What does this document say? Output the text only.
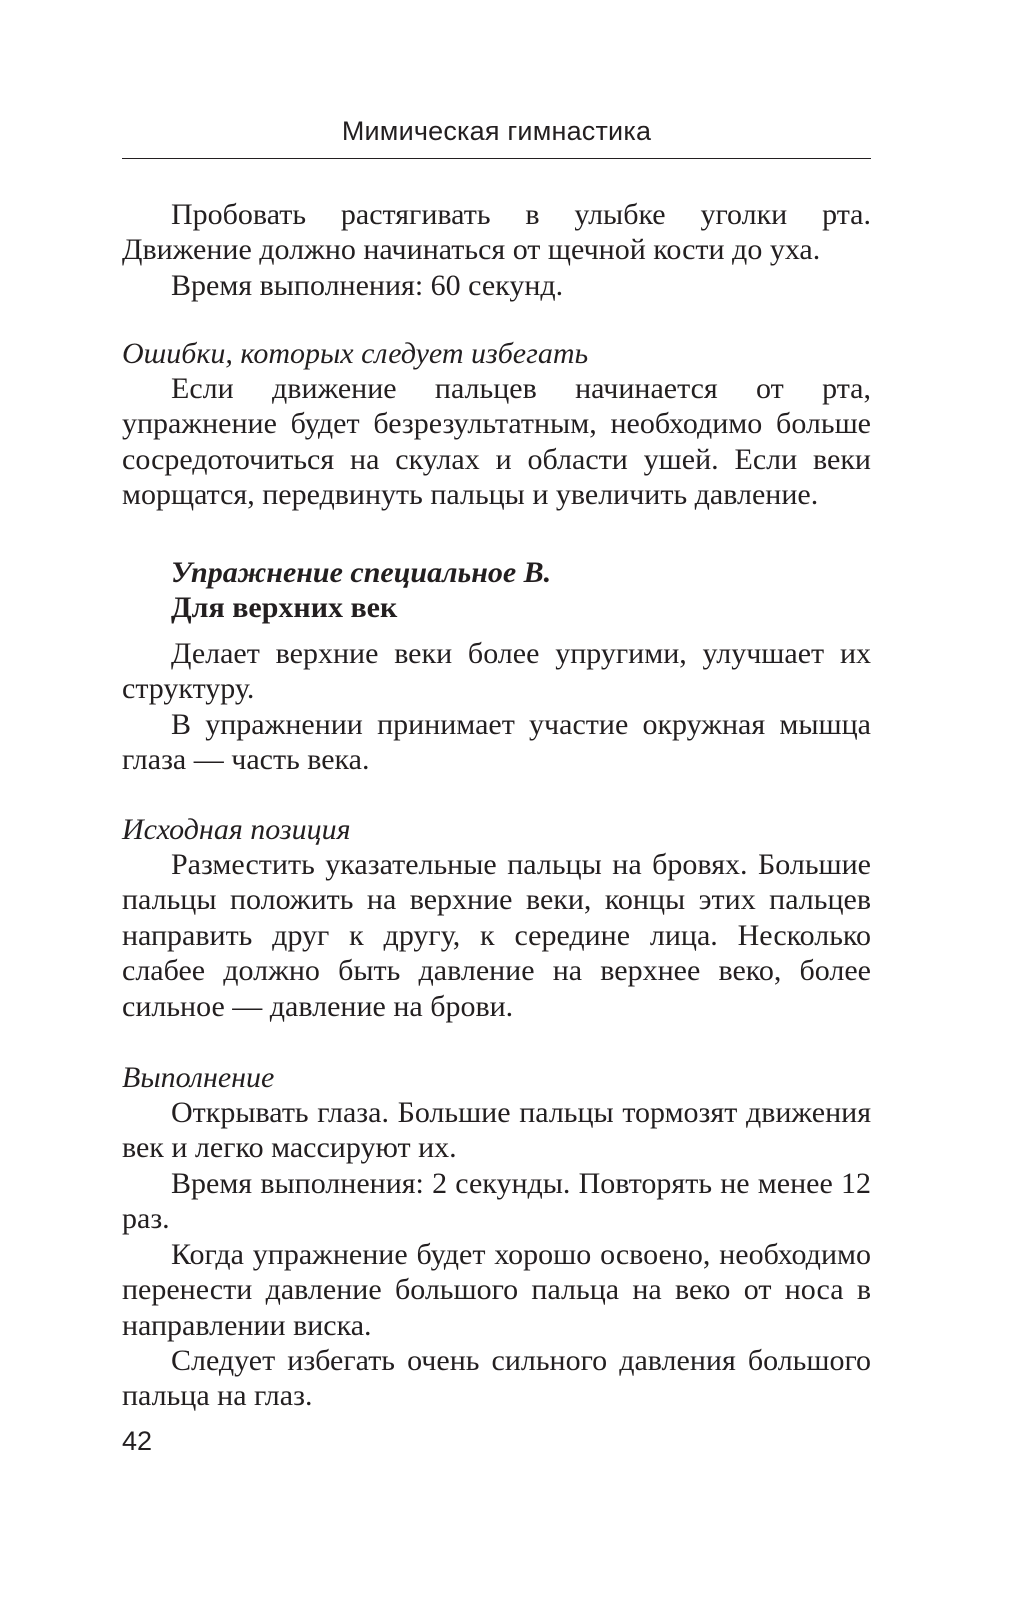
Мимическая гимнастика

Пробовать растягивать в улыбке уголки рта. Движение должно начинаться от щечной кости до уха.

Время выполнения: 60 секунд.

Ошибки, которых следует избегать

Если движение пальцев начинается от рта, упражнение будет безрезультатным, необходимо больше сосредоточиться на скулах и области ушей. Если веки морщатся, передвинуть пальцы и увеличить давление.

Упражнение специальное В.

Для верхних век

Делает верхние веки более упругими, улучшает их структуру.

В упражнении принимает участие окружная мышца глаза — часть века.

Исходная позиция

Разместить указательные пальцы на бровях. Большие пальцы положить на верхние веки, концы этих пальцев направить друг к другу, к середине лица. Несколько слабее должно быть давление на верхнее веко, более сильное — давление на брови.

Выполнение

Открывать глаза. Большие пальцы тормозят движения век и легко массируют их.

Время выполнения: 2 секунды. Повторять не менее 12 раз.

Когда упражнение будет хорошо освоено, необходимо перенести давление большого пальца на веко от носа в направлении виска.

Следует избегать очень сильного давления большого пальца на глаз.

42
